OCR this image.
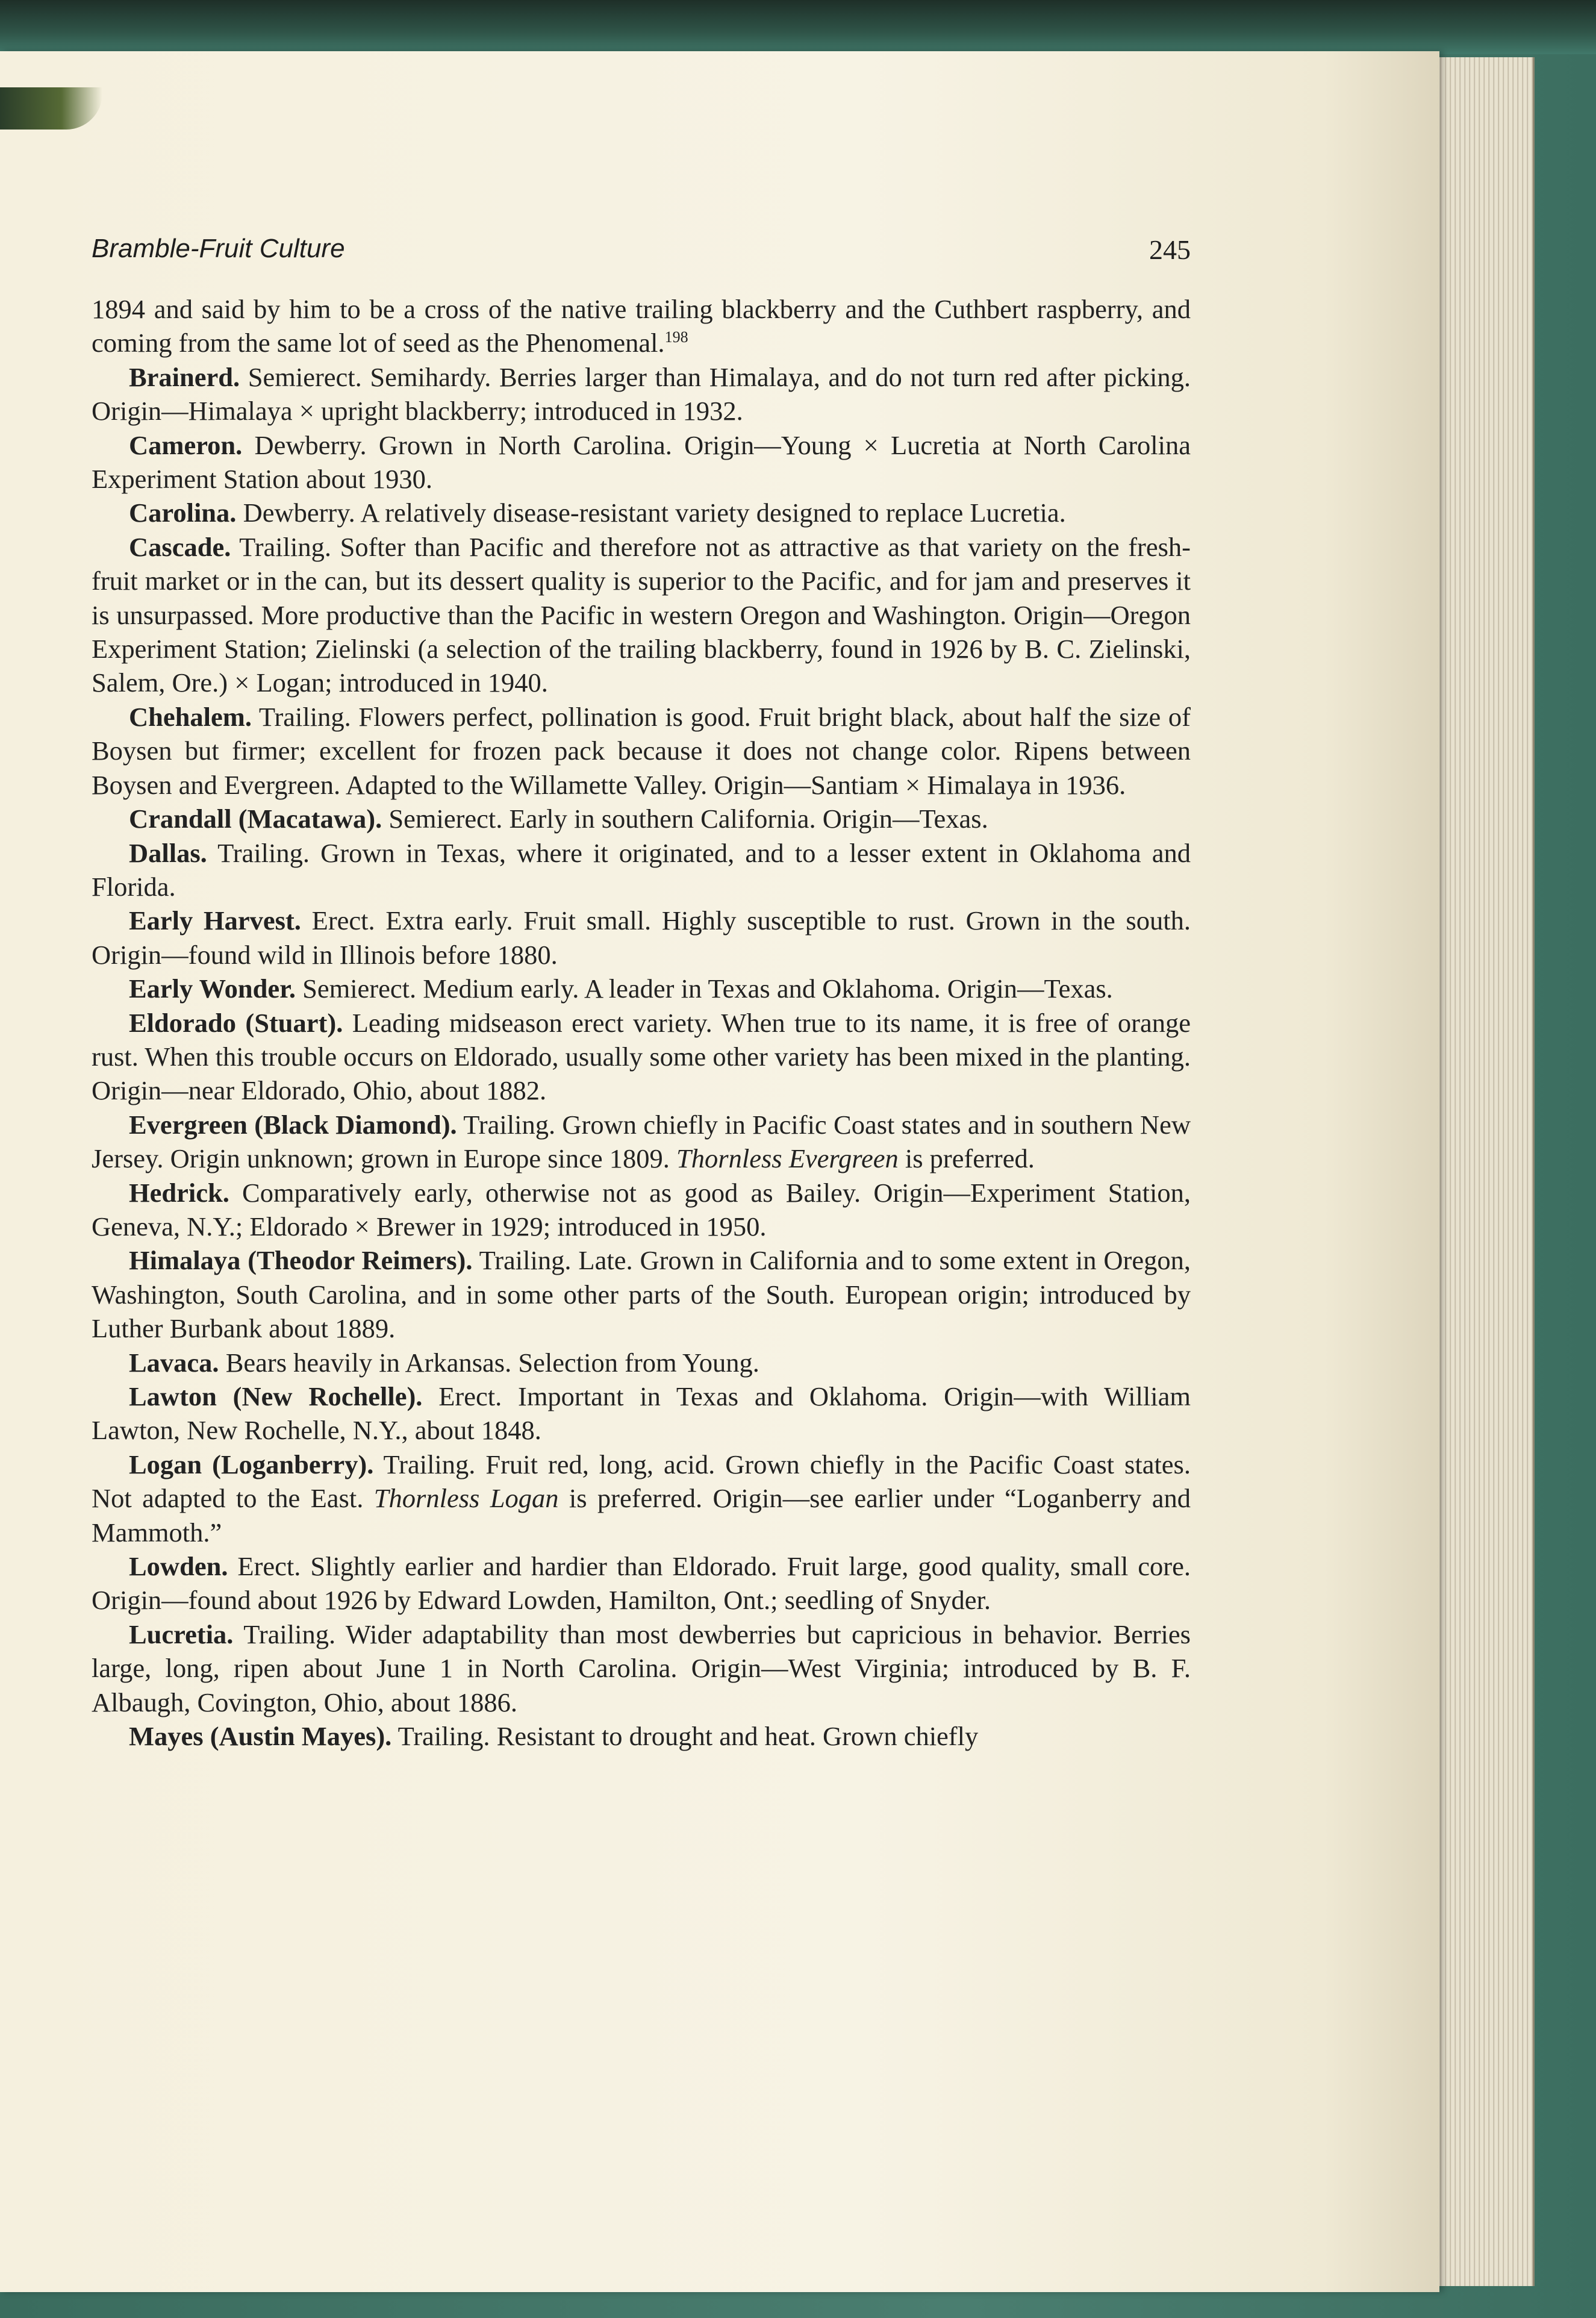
Bramble-Fruit Culture	245

1894 and said by him to be a cross of the native trailing blackberry and the Cuthbert raspberry, and coming from the same lot of seed as the Phenomenal.$^{198}$

Brainerd. Semierect. Semihardy. Berries larger than Himalaya, and do not turn red after picking. Origin—Himalaya × upright blackberry; introduced in 1932.

Cameron. Dewberry. Grown in North Carolina. Origin—Young × Lucretia at North Carolina Experiment Station about 1930.

Carolina. Dewberry. A relatively disease-resistant variety designed to replace Lucretia.

Cascade. Trailing. Softer than Pacific and therefore not as attractive as that variety on the fresh-fruit market or in the can, but its dessert quality is superior to the Pacific, and for jam and preserves it is unsurpassed. More productive than the Pacific in western Oregon and Washington. Origin—Oregon Experiment Station; Zielinski (a selection of the trailing blackberry, found in 1926 by B. C. Zielinski, Salem, Ore.) × Logan; introduced in 1940.

Chehalem. Trailing. Flowers perfect, pollination is good. Fruit bright black, about half the size of Boysen but firmer; excellent for frozen pack because it does not change color. Ripens between Boysen and Evergreen. Adapted to the Willamette Valley. Origin—Santiam × Himalaya in 1936.

Crandall (Macatawa). Semierect. Early in southern California. Origin—Texas.

Dallas. Trailing. Grown in Texas, where it originated, and to a lesser extent in Oklahoma and Florida.

Early Harvest. Erect. Extra early. Fruit small. Highly susceptible to rust. Grown in the south. Origin—found wild in Illinois before 1880.

Early Wonder. Semierect. Medium early. A leader in Texas and Oklahoma. Origin—Texas.

Eldorado (Stuart). Leading midseason erect variety. When true to its name, it is free of orange rust. When this trouble occurs on Eldorado, usually some other variety has been mixed in the planting. Origin—near Eldorado, Ohio, about 1882.

Evergreen (Black Diamond). Trailing. Grown chiefly in Pacific Coast states and in southern New Jersey. Origin unknown; grown in Europe since 1809. Thornless Evergreen is preferred.

Hedrick. Comparatively early, otherwise not as good as Bailey. Origin—Experiment Station, Geneva, N.Y.; Eldorado × Brewer in 1929; introduced in 1950.

Himalaya (Theodor Reimers). Trailing. Late. Grown in California and to some extent in Oregon, Washington, South Carolina, and in some other parts of the South. European origin; introduced by Luther Burbank about 1889.

Lavaca. Bears heavily in Arkansas. Selection from Young.

Lawton (New Rochelle). Erect. Important in Texas and Oklahoma. Origin—with William Lawton, New Rochelle, N.Y., about 1848.

Logan (Loganberry). Trailing. Fruit red, long, acid. Grown chiefly in the Pacific Coast states. Not adapted to the East. Thornless Logan is preferred. Origin—see earlier under “Loganberry and Mammoth.”

Lowden. Erect. Slightly earlier and hardier than Eldorado. Fruit large, good quality, small core. Origin—found about 1926 by Edward Lowden, Hamilton, Ont.; seedling of Snyder.

Lucretia. Trailing. Wider adaptability than most dewberries but capricious in behavior. Berries large, long, ripen about June 1 in North Carolina. Origin—West Virginia; introduced by B. F. Albaugh, Covington, Ohio, about 1886.

Mayes (Austin Mayes). Trailing. Resistant to drought and heat. Grown chiefly
